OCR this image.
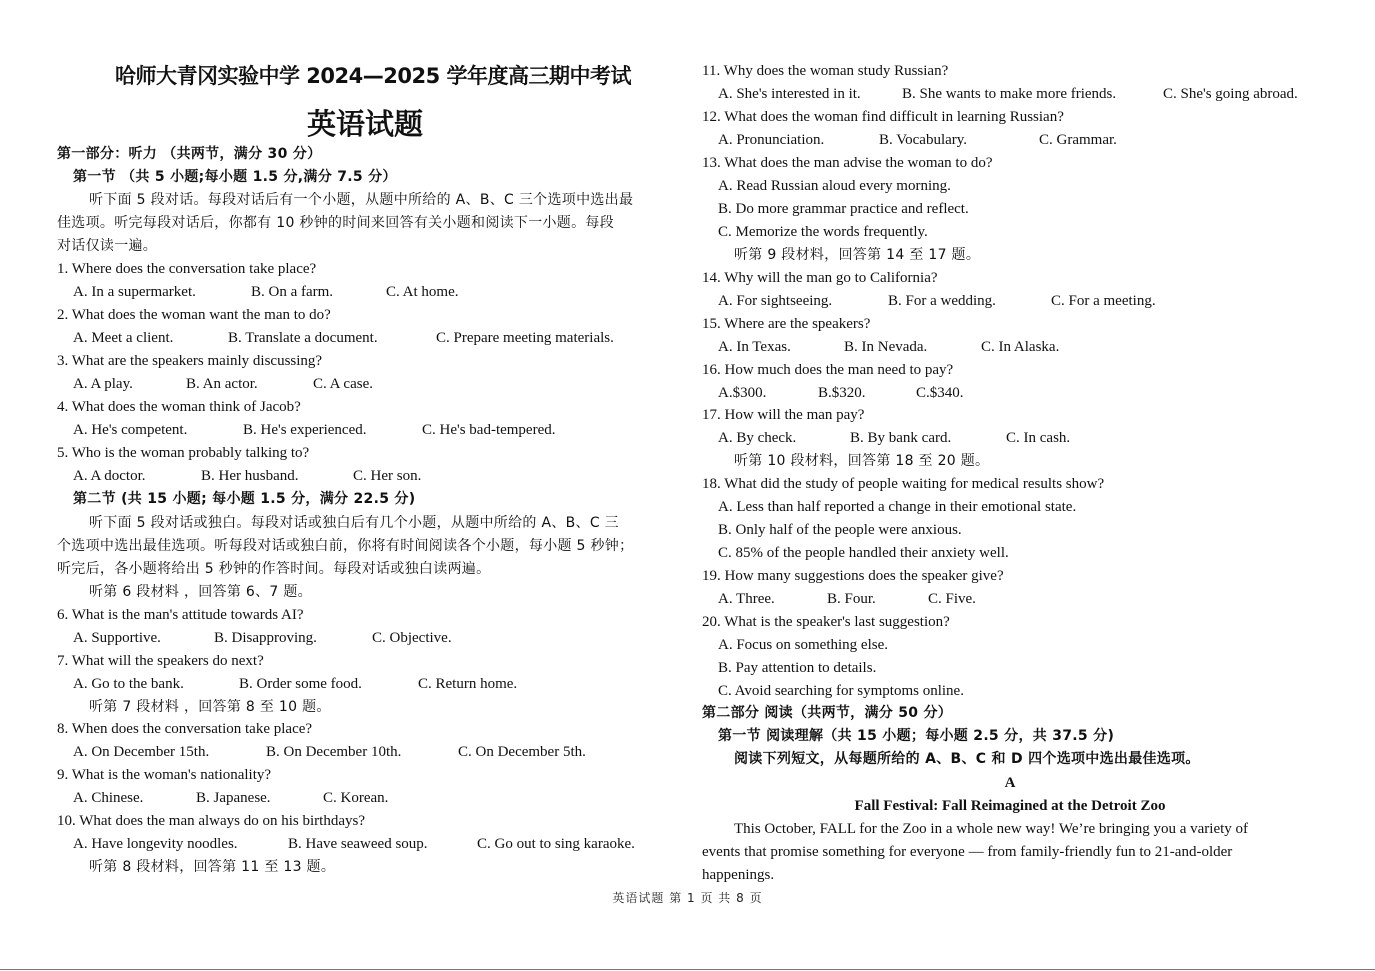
哈师大青冈实验中学 2024—2025 学年度高三期中考试
英语试题
第一部分：听力 （共两节，满分 30 分）
第一节 （共 5 小题;每小题 1.5 分,满分 7.5 分）
听下面 5 段对话。每段对话后有一个小题，从题中所给的 A、B、C 三个选项中选出最
佳选项。听完每段对话后，你都有 10 秒钟的时间来回答有关小题和阅读下一小题。每段
对话仅读一遍。
1. Where does the conversation take place?
A. In a supermarket.	B. On a farm.	C. At home.
2. What does the woman want the man to do?
A. Meet a client.	B. Translate a document.	C. Prepare meeting materials.
3. What are the speakers mainly discussing?
A. A play.	B. An actor.	C. A case.
4. What does the woman think of Jacob?
A. He's competent.	B. He's experienced.	C. He's bad-tempered.
5. Who is the woman probably talking to?
A. A doctor.	B. Her husband.	C. Her son.
第二节 (共 15 小题; 每小题 1.5 分，满分 22.5 分)
听下面 5 段对话或独白。每段对话或独白后有几个小题，从题中所给的 A、B、C 三
个选项中选出最佳选项。听每段对话或独白前，你将有时间阅读各个小题，每小题 5 秒钟；
听完后，各小题将给出 5 秒钟的作答时间。每段对话或独白读两遍。
听第 6 段材料 ，回答第 6、7 题。
6. What is the man's attitude towards AI?
A. Supportive.	B. Disapproving.	C. Objective.
7. What will the speakers do next?
A. Go to the bank.	B. Order some food.	C. Return home.
听第 7 段材料 ，回答第 8 至 10 题。
8. When does the conversation take place?
A. On December 15th.	B. On December 10th.	C. On December 5th.
9. What is the woman's nationality?
A. Chinese.	B. Japanese.	C. Korean.
10. What does the man always do on his birthdays?
A. Have longevity noodles.	B. Have seaweed soup.	C. Go out to sing karaoke.
听第 8 段材料，回答第 11 至 13 题。
11. Why does the woman study Russian?
A. She's interested in it.	B. She wants to make more friends.	C. She's going abroad.
12. What does the woman find difficult in learning Russian?
A. Pronunciation.	B. Vocabulary.	C. Grammar.
13. What does the man advise the woman to do?
A. Read Russian aloud every morning.
B. Do more grammar practice and reflect.
C. Memorize the words frequently.
听第 9 段材料，回答第 14 至 17 题。
14. Why will the man go to California?
A. For sightseeing.	B. For a wedding.	C. For a meeting.
15. Where are the speakers?
A. In Texas.	B. In Nevada.	C. In Alaska.
16. How much does the man need to pay?
A.$300.	B.$320.	C.$340.
17. How will the man pay?
A. By check.	B. By bank card.	C. In cash.
听第 10 段材料，回答第 18 至 20 题。
18. What did the study of people waiting for medical results show?
A. Less than half reported a change in their emotional state.
B. Only half of the people were anxious.
C. 85% of the people handled their anxiety well.
19. How many suggestions does the speaker give?
A. Three.	B. Four.	C. Five.
20. What is the speaker's last suggestion?
A. Focus on something else.
B. Pay attention to details.
C. Avoid searching for symptoms online.
第二部分 阅读（共两节，满分 50 分）
第一节 阅读理解（共 15 小题；每小题 2.5 分，共 37.5 分)
阅读下列短文，从每题所给的 A、B、C 和 D 四个选项中选出最佳选项。
A
Fall Festival: Fall Reimagined at the Detroit Zoo
This October, FALL for the Zoo in a whole new way! We’re bringing you a variety of
events that promise something for everyone — from family-friendly fun to 21-and-older
happenings.
英语试题 第 1 页 共 8 页
